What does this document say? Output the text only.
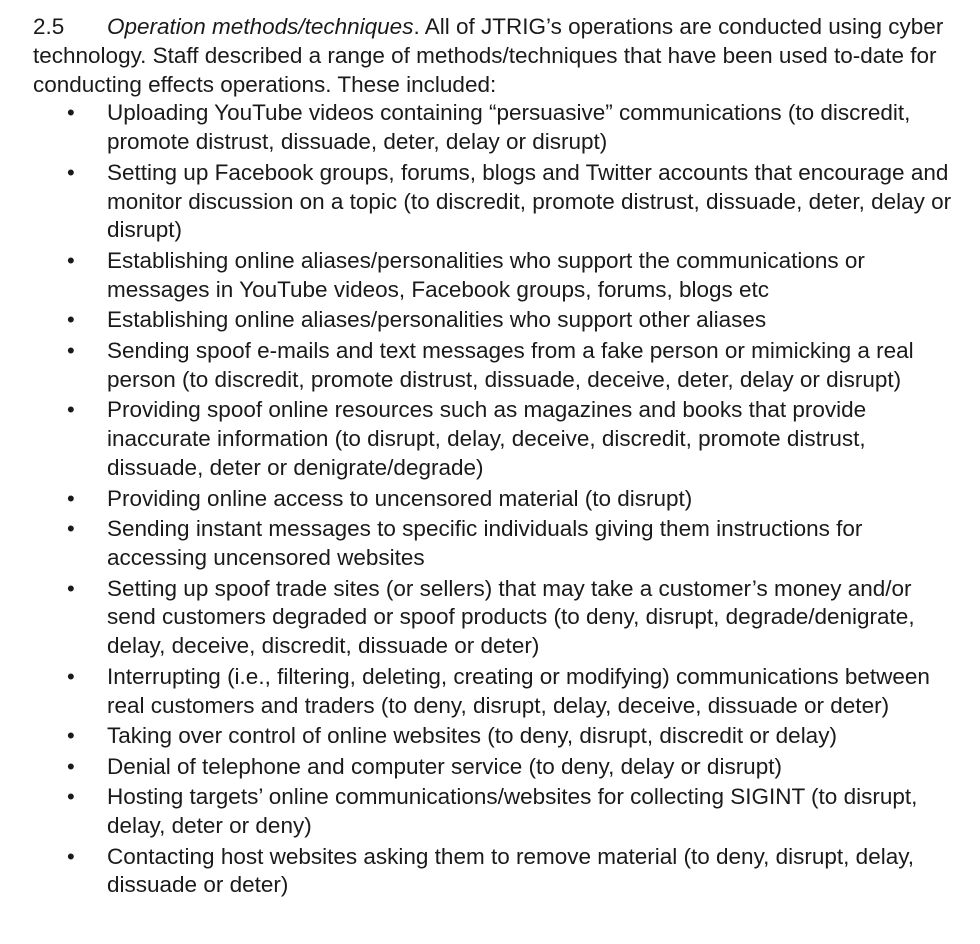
2.5 Operation methods/techniques. All of JTRIG’s operations are conducted using cyber technology. Staff described a range of methods/techniques that have been used to-date for conducting effects operations. These included:

• Uploading YouTube videos containing “persuasive” communications (to discredit, promote distrust, dissuade, deter, delay or disrupt)
• Setting up Facebook groups, forums, blogs and Twitter accounts that encourage and monitor discussion on a topic (to discredit, promote distrust, dissuade, deter, delay or disrupt)
• Establishing online aliases/personalities who support the communications or messages in YouTube videos, Facebook groups, forums, blogs etc
• Establishing online aliases/personalities who support other aliases
• Sending spoof e-mails and text messages from a fake person or mimicking a real person (to discredit, promote distrust, dissuade, deceive, deter, delay or disrupt)
• Providing spoof online resources such as magazines and books that provide inaccurate information (to disrupt, delay, deceive, discredit, promote distrust, dissuade, deter or denigrate/degrade)
• Providing online access to uncensored material (to disrupt)
• Sending instant messages to specific individuals giving them instructions for accessing uncensored websites
• Setting up spoof trade sites (or sellers) that may take a customer’s money and/or send customers degraded or spoof products (to deny, disrupt, degrade/denigrate, delay, deceive, discredit, dissuade or deter)
• Interrupting (i.e., filtering, deleting, creating or modifying) communications between real customers and traders (to deny, disrupt, delay, deceive, dissuade or deter)
• Taking over control of online websites (to deny, disrupt, discredit or delay)
• Denial of telephone and computer service (to deny, delay or disrupt)
• Hosting targets’ online communications/websites for collecting SIGINT (to disrupt, delay, deter or deny)
• Contacting host websites asking them to remove material (to deny, disrupt, delay, dissuade or deter)
